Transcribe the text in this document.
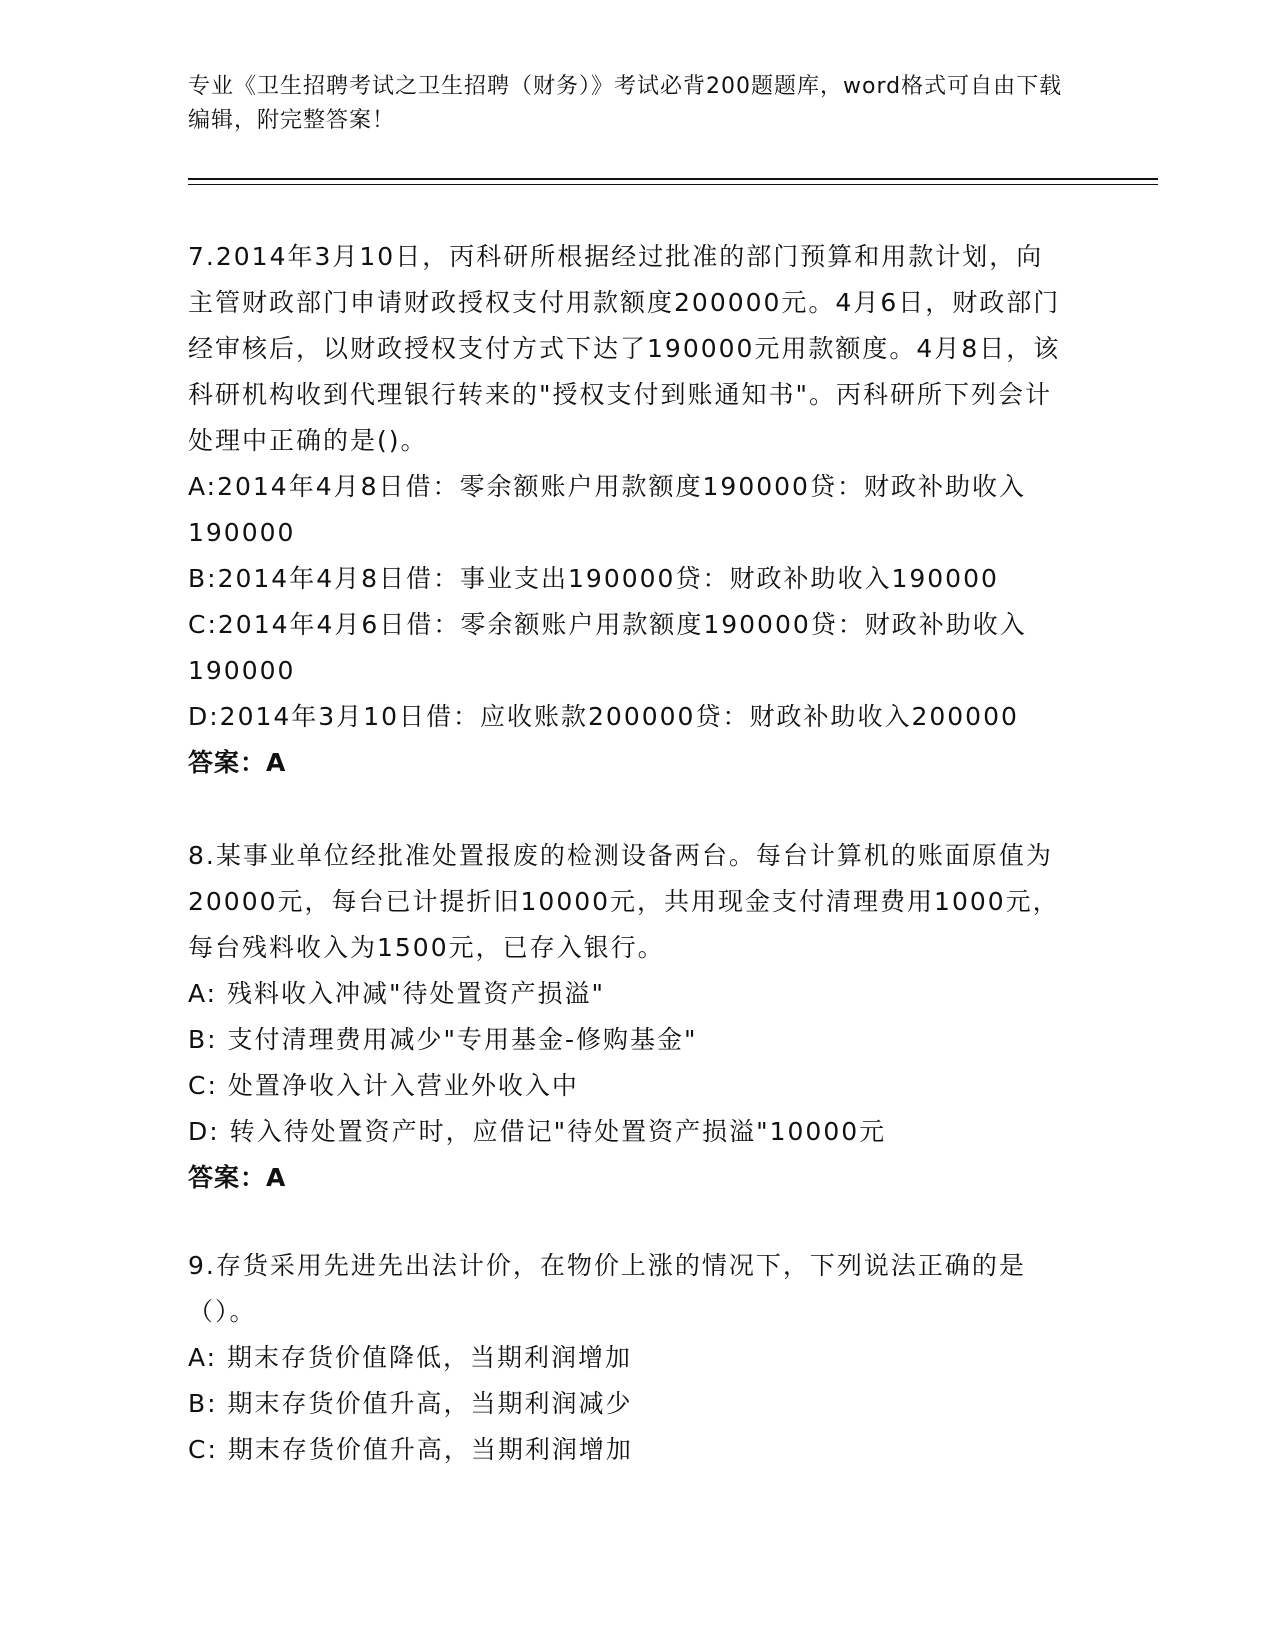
专业《卫生招聘考试之卫生招聘（财务）》考试必背200题题库，word格式可自由下载编辑，附完整答案！

7.2014年3月10日，丙科研所根据经过批准的部门预算和用款计划，向主管财政部门申请财政授权支付用款额度200000元。4月6日，财政部门经审核后，以财政授权支付方式下达了190000元用款额度。4月8日，该科研机构收到代理银行转来的"授权支付到账通知书"。丙科研所下列会计处理中正确的是()。

A:2014年4月8日借：零余额账户用款额度190000贷：财政补助收入190000

B:2014年4月8日借：事业支出190000贷：财政补助收入190000

C:2014年4月6日借：零余额账户用款额度190000贷：财政补助收入190000

D:2014年3月10日借：应收账款200000贷：财政补助收入200000

答案：A

8.某事业单位经批准处置报废的检测设备两台。每台计算机的账面原值为20000元，每台已计提折旧10000元，共用现金支付清理费用1000元，每台残料收入为1500元，已存入银行。

A: 残料收入冲减"待处置资产损溢"

B: 支付清理费用减少"专用基金-修购基金"

C: 处置净收入计入营业外收入中

D: 转入待处置资产时，应借记"待处置资产损溢"10000元

答案：A

9.存货采用先进先出法计价，在物价上涨的情况下，下列说法正确的是（）。

A: 期末存货价值降低，当期利润增加

B: 期末存货价值升高，当期利润减少

C: 期末存货价值升高，当期利润增加
